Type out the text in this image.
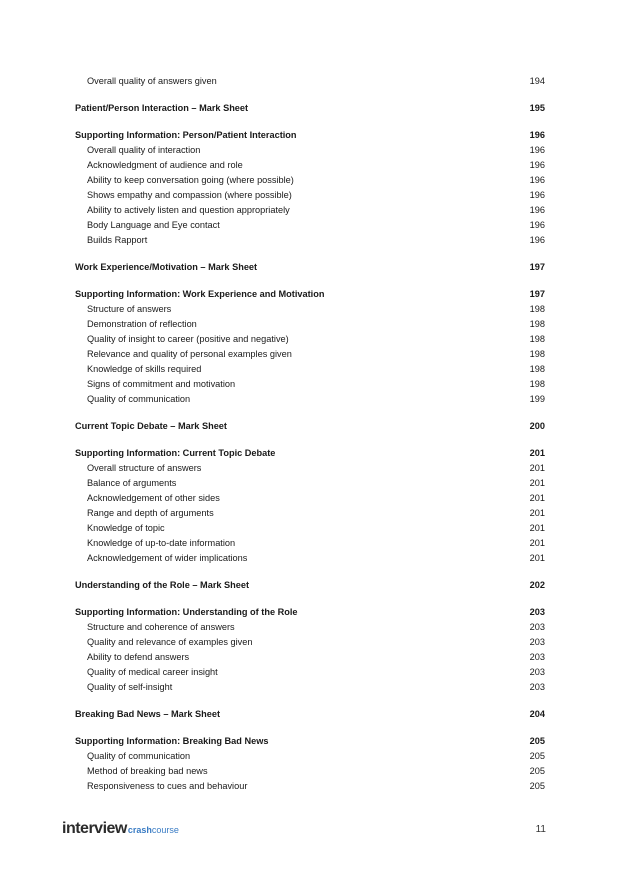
Overall quality of answers given	194
Patient/Person Interaction – Mark Sheet	195
Supporting Information: Person/Patient Interaction	196
Overall quality of interaction	196
Acknowledgment of audience and role	196
Ability to keep conversation going (where possible)	196
Shows empathy and compassion (where possible)	196
Ability to actively listen and question appropriately	196
Body Language and Eye contact	196
Builds Rapport	196
Work Experience/Motivation – Mark Sheet	197
Supporting Information: Work Experience and Motivation	197
Structure of answers	198
Demonstration of reflection	198
Quality of insight to career (positive and negative)	198
Relevance and quality of personal examples given	198
Knowledge of skills required	198
Signs of commitment and motivation	198
Quality of communication	199
Current Topic Debate – Mark Sheet	200
Supporting Information: Current Topic Debate	201
Overall structure of answers	201
Balance of arguments	201
Acknowledgement of other sides	201
Range and depth of arguments	201
Knowledge of topic	201
Knowledge of up-to-date information	201
Acknowledgement of wider implications	201
Understanding of the Role – Mark Sheet	202
Supporting Information: Understanding of the Role	203
Structure and coherence of answers	203
Quality and relevance of examples given	203
Ability to defend answers	203
Quality of medical career insight	203
Quality of self-insight	203
Breaking Bad News – Mark Sheet	204
Supporting Information: Breaking Bad News	205
Quality of communication	205
Method of breaking bad news	205
Responsiveness to cues and behaviour	205
interview crash course	11
